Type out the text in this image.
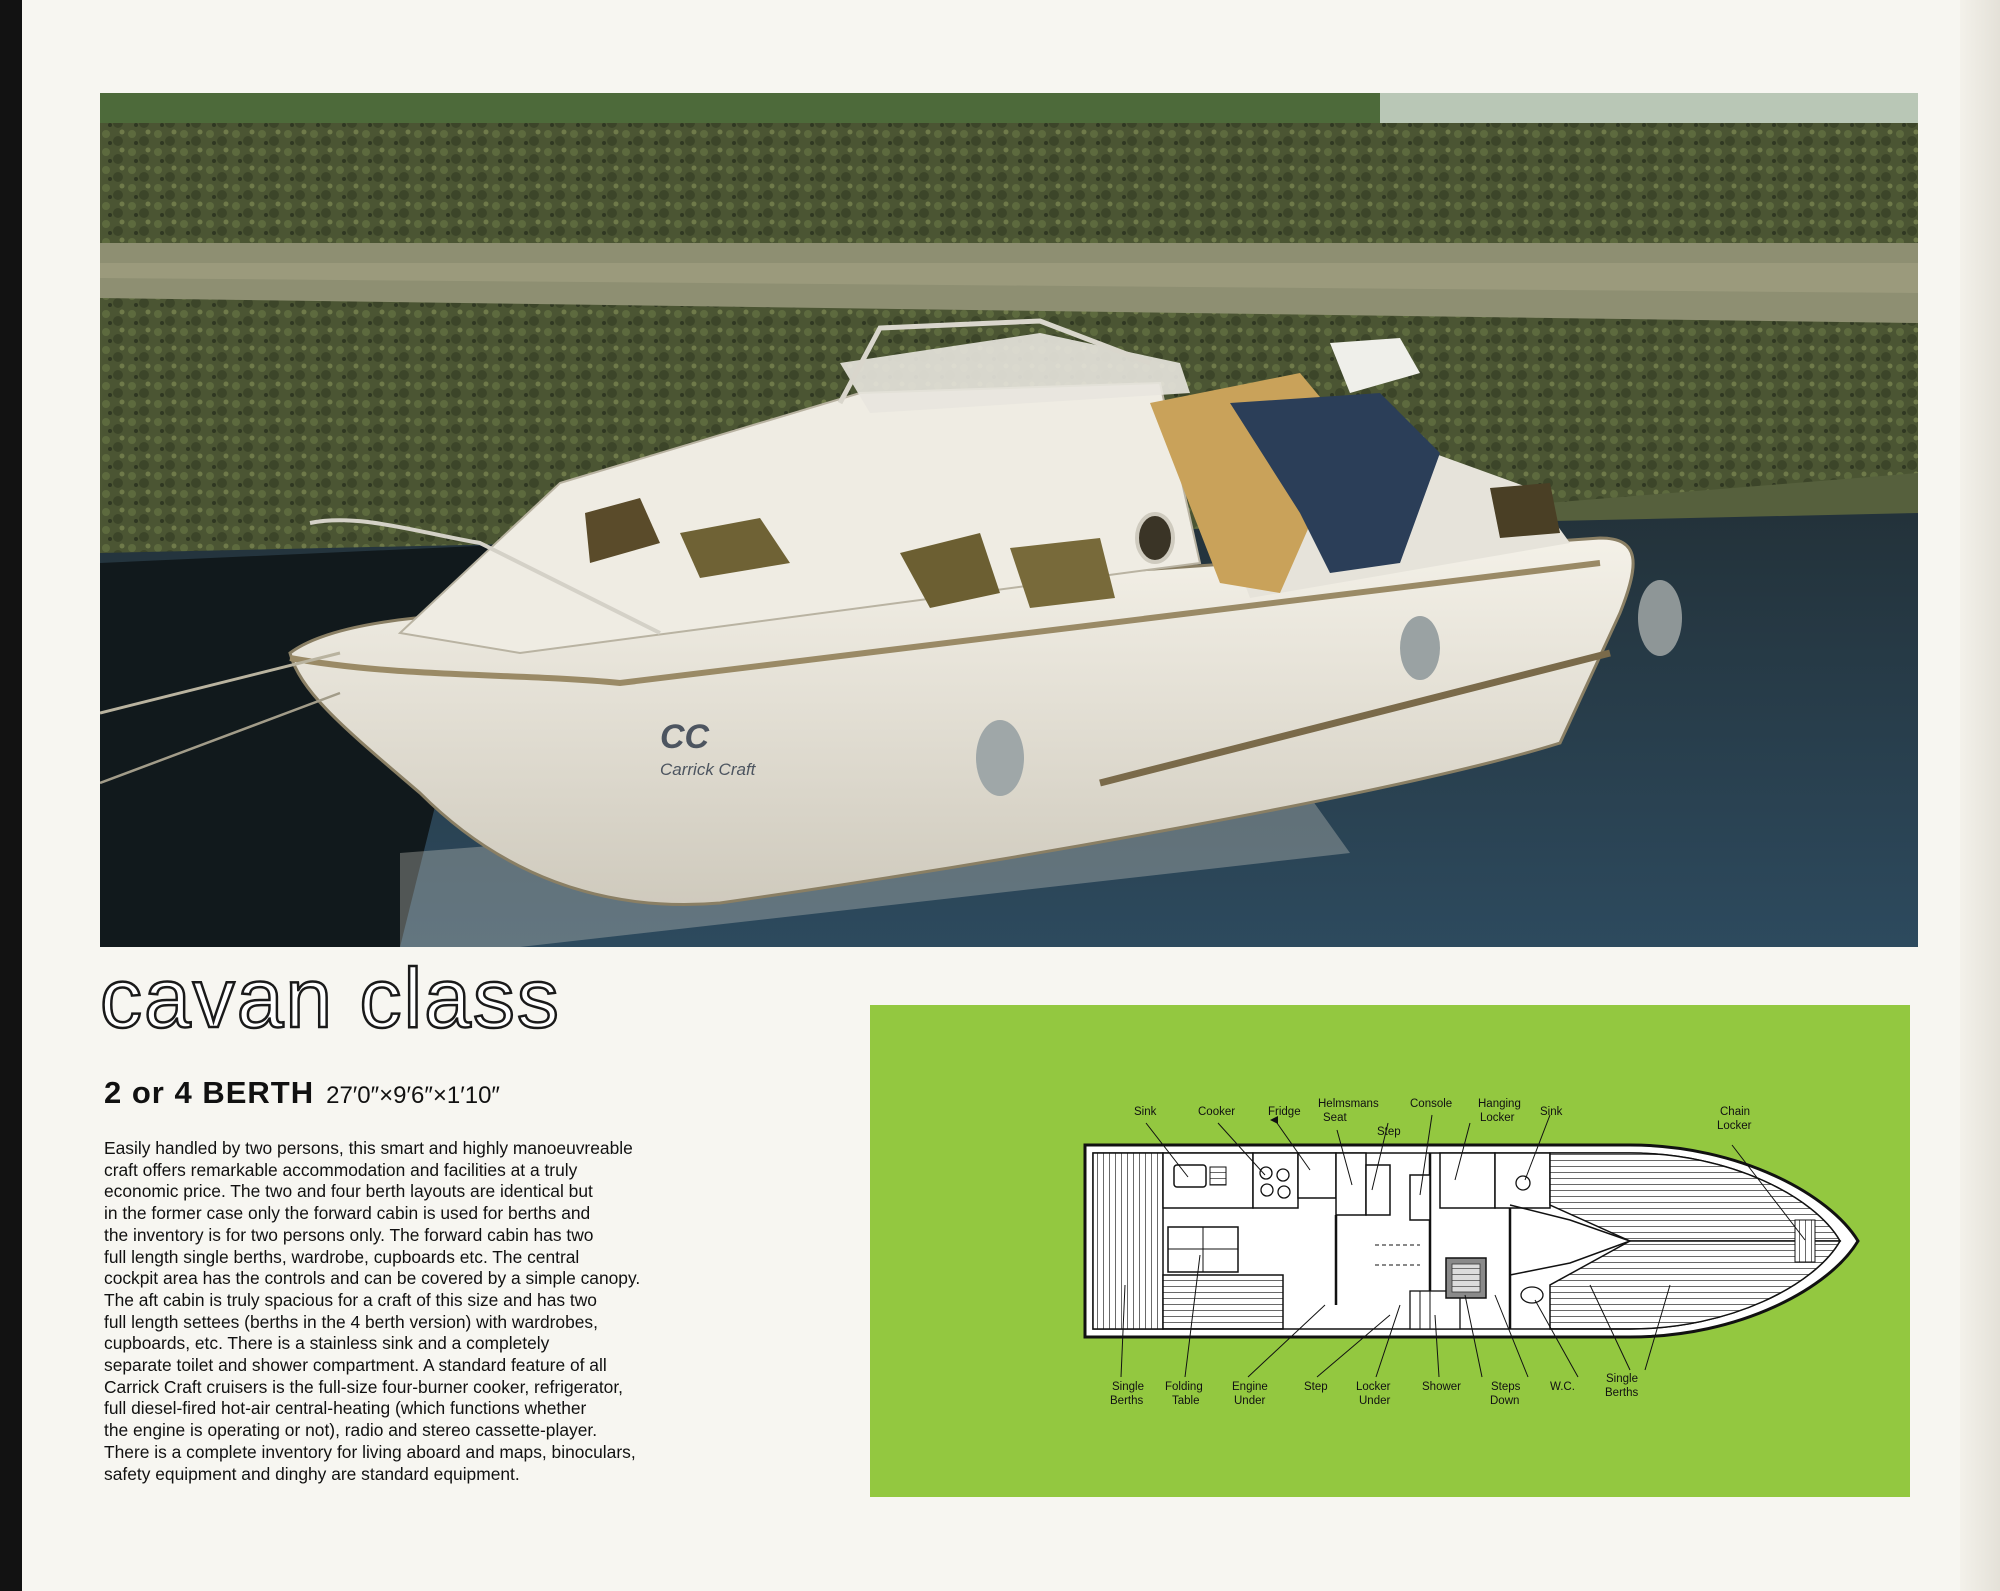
CC
Carrick Craft
cavan class
2 or 4 BERTH 27′0″×9′6″×1′10″

Easily handled by two persons, this smart and highly manoeuvreable
craft offers remarkable accommodation and facilities at a truly
economic price. The two and four berth layouts are identical but
in the former case only the forward cabin is used for berths and
the inventory is for two persons only. The forward cabin has two
full length single berths, wardrobe, cupboards etc. The central
cockpit area has the controls and can be covered by a simple canopy.
The aft cabin is truly spacious for a craft of this size and has two
full length settees (berths in the 4 berth version) with wardrobes,
cupboards, etc. There is a stainless sink and a completely
separate toilet and shower compartment. A standard feature of all
Carrick Craft cruisers is the full-size four-burner cooker, refrigerator,
full diesel-fired hot-air central-heating (which functions whether
the engine is operating or not), radio and stereo cassette-player.
There is a complete inventory for living aboard and maps, binoculars,
safety equipment and dinghy are standard equipment.

Sink	Cooker	Fridge
Helmsmans
Seat
Step
Console Hanging
Locker Sink	Chain
Locker
Single
Berths
Folding
Table
Engine
Under
Step Locker
Under
Shower	Steps
Down
W.C.
Single
Berths
